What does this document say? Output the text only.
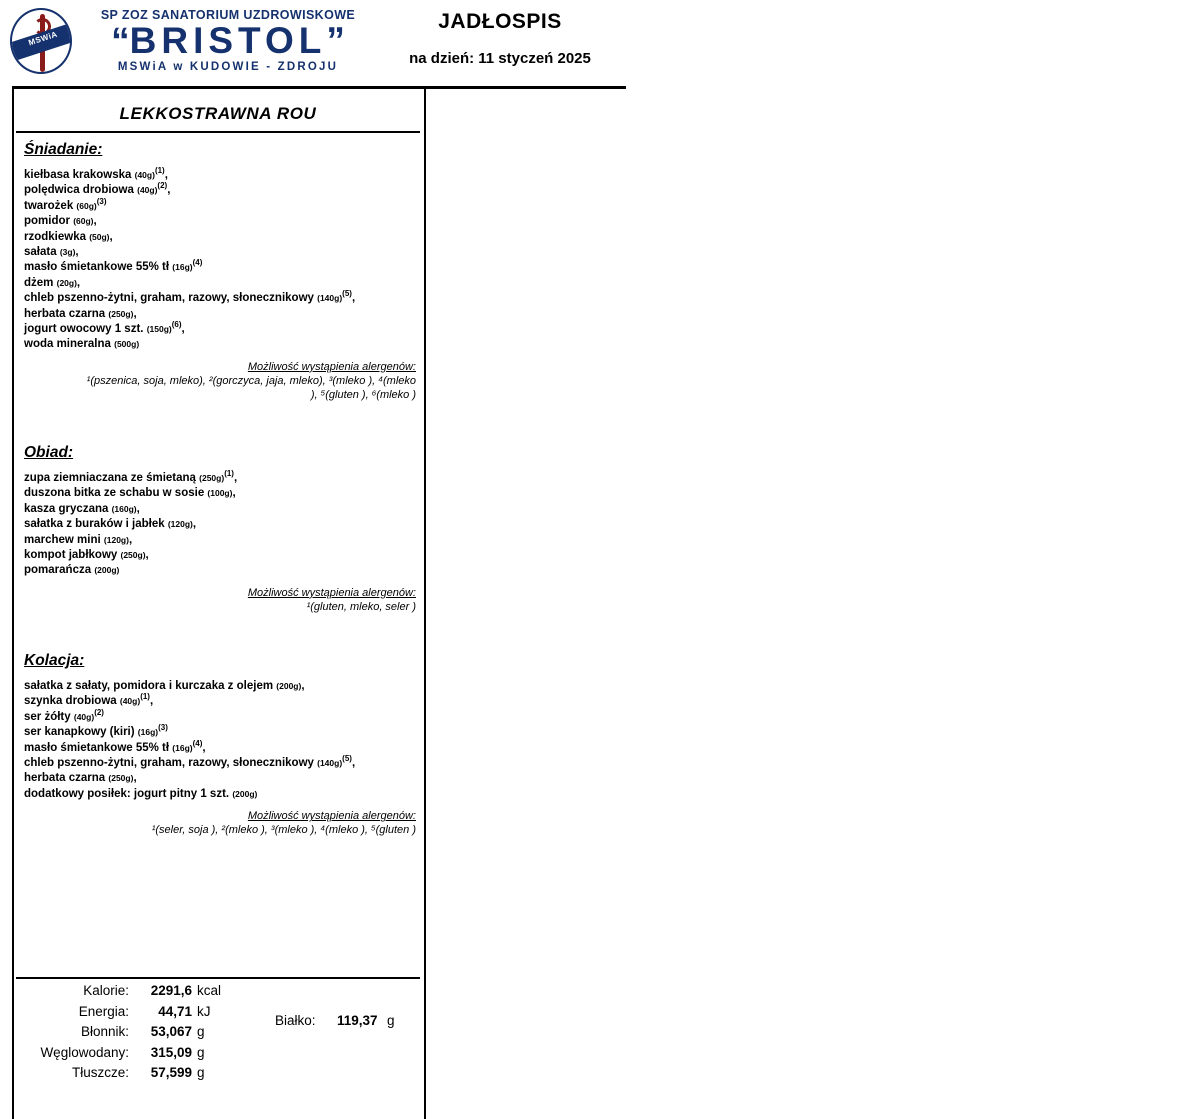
MSWiA
SP ZOZ SANATORIUM UZDROWISKOWE
“BRISTOL”
MSWiA w KUDOWIE - ZDROJU
JADŁOSPIS
na dzień: 11 styczeń 2025
LEKKOSTRAWNA ROU
Śniadanie:
kiełbasa krakowska $(40g)^{(1)}$,
polędwica drobiowa $(40g)^{(2)}$,
twarożek $(60g)^{(3)}$
pomidor (60g),
rzodkiewka (50g),
sałata (3g),
masło śmietankowe 55% tł $(16g)^{(4)}$
dżem (20g),
chleb pszenno-żytni, graham, razowy, słonecznikowy $(140g)^{(5)}$,
herbata czarna (250g),
jogurt owocowy 1 szt. $(150g)^{(6)}$,
woda mineralna (500g)
Możliwość wystąpienia alergenów:
¹(pszenica, soja, mleko), ²(gorczyca, jaja, mleko), ³(mleko ), ⁴(mleko
), ⁵(gluten ), ⁶(mleko )
Obiad:
zupa ziemniaczana ze śmietaną $(250g)^{(1)}$,
duszona bitka ze schabu w sosie (100g),
kasza gryczana (160g),
sałatka z buraków i jabłek (120g),
marchew mini (120g),
kompot jabłkowy (250g),
pomarańcza (200g)
Możliwość wystąpienia alergenów:
¹(gluten, mleko, seler )
Kolacja:
sałatka z sałaty, pomidora i kurczaka z olejem (200g),
szynka drobiowa $(40g)^{(1)}$,
ser żółty $(40g)^{(2)}$
ser kanapkowy (kiri) $(16g)^{(3)}$
masło śmietankowe 55% tł $(16g)^{(4)}$,
chleb pszenno-żytni, graham, razowy, słonecznikowy $(140g)^{(5)}$,
herbata czarna (250g),
dodatkowy posiłek: jogurt pitny 1 szt. (200g)
Możliwość wystąpienia alergenów:
¹(seler, soja ), ²(mleko ), ³(mleko ), ⁴(mleko ), ⁵(gluten )
Kalorie:	2291,6 kcal
Energia:	44,71 kJ
Błonnik:	53,067 g
Węglowodany:	315,09 g
Tłuszcze:	57,599 g
Białko: 119,37 g
